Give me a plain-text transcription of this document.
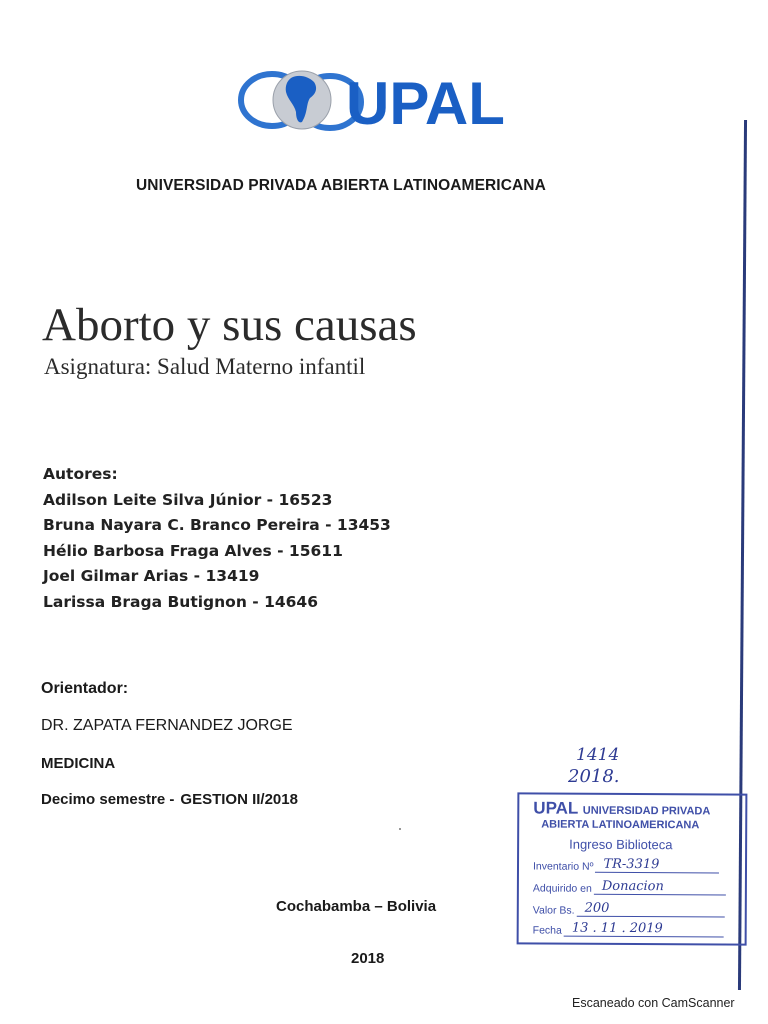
UPAL
UNIVERSIDAD PRIVADA ABIERTA LATINOAMERICANA
Aborto y sus causas
Asignatura: Salud Materno infantil
Autores:
Adilson Leite Silva Júnior - 16523
Bruna Nayara C. Branco Pereira - 13453
Hélio Barbosa Fraga Alves - 15611
Joel Gilmar Arias - 13419
Larissa Braga Butignon - 14646
Orientador:
DR. ZAPATA FERNANDEZ JORGE
MEDICINA
Decimo semestre - GESTION II/2018
1414
2018.
UPAL UNIVERSIDAD PRIVADA
ABIERTA LATINOAMERICANA
Ingreso Biblioteca
Inventario Nº TR-3319
Adquirido en Donacion
Valor Bs. 200
Fecha 13 . 11 . 2019
Cochabamba – Bolivia
2018
Escaneado con CamScanner
